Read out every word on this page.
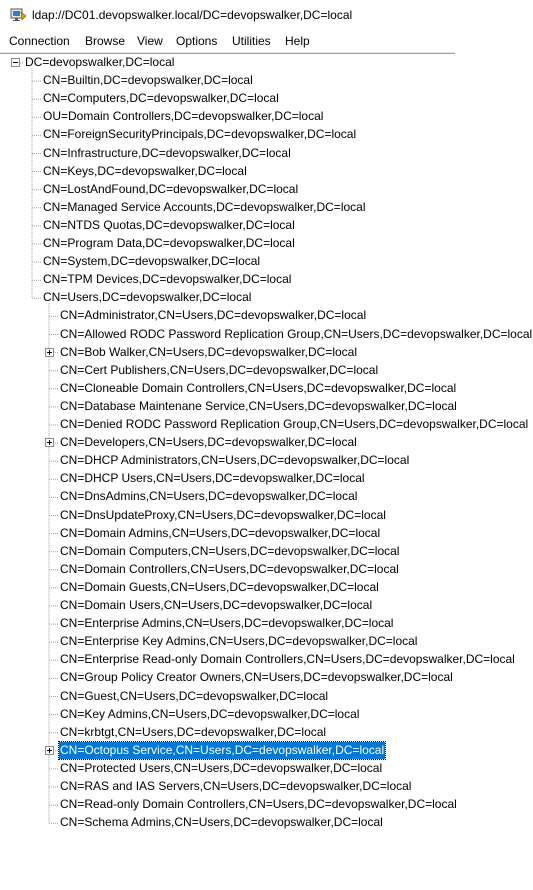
ldap://DC01.devopswalker.local/DC=devopswalker,DC=local
Connection Browse View Options Utilities Help
DC=devopswalker,DC=local
CN=Builtin,DC=devopswalker,DC=local
CN=Computers,DC=devopswalker,DC=local
OU=Domain Controllers,DC=devopswalker,DC=local
CN=ForeignSecurityPrincipals,DC=devopswalker,DC=local
CN=Infrastructure,DC=devopswalker,DC=local
CN=Keys,DC=devopswalker,DC=local
CN=LostAndFound,DC=devopswalker,DC=local
CN=Managed Service Accounts,DC=devopswalker,DC=local
CN=NTDS Quotas,DC=devopswalker,DC=local
CN=Program Data,DC=devopswalker,DC=local
CN=System,DC=devopswalker,DC=local
CN=TPM Devices,DC=devopswalker,DC=local
CN=Users,DC=devopswalker,DC=local
CN=Administrator,CN=Users,DC=devopswalker,DC=local
CN=Allowed RODC Password Replication Group,CN=Users,DC=devopswalker,DC=local
CN=Bob Walker,CN=Users,DC=devopswalker,DC=local
CN=Cert Publishers,CN=Users,DC=devopswalker,DC=local
CN=Cloneable Domain Controllers,CN=Users,DC=devopswalker,DC=local
CN=Database Maintenane Service,CN=Users,DC=devopswalker,DC=local
CN=Denied RODC Password Replication Group,CN=Users,DC=devopswalker,DC=local
CN=Developers,CN=Users,DC=devopswalker,DC=local
CN=DHCP Administrators,CN=Users,DC=devopswalker,DC=local
CN=DHCP Users,CN=Users,DC=devopswalker,DC=local
CN=DnsAdmins,CN=Users,DC=devopswalker,DC=local
CN=DnsUpdateProxy,CN=Users,DC=devopswalker,DC=local
CN=Domain Admins,CN=Users,DC=devopswalker,DC=local
CN=Domain Computers,CN=Users,DC=devopswalker,DC=local
CN=Domain Controllers,CN=Users,DC=devopswalker,DC=local
CN=Domain Guests,CN=Users,DC=devopswalker,DC=local
CN=Domain Users,CN=Users,DC=devopswalker,DC=local
CN=Enterprise Admins,CN=Users,DC=devopswalker,DC=local
CN=Enterprise Key Admins,CN=Users,DC=devopswalker,DC=local
CN=Enterprise Read-only Domain Controllers,CN=Users,DC=devopswalker,DC=local
CN=Group Policy Creator Owners,CN=Users,DC=devopswalker,DC=local
CN=Guest,CN=Users,DC=devopswalker,DC=local
CN=Key Admins,CN=Users,DC=devopswalker,DC=local
CN=krbtgt,CN=Users,DC=devopswalker,DC=local
CN=Octopus Service,CN=Users,DC=devopswalker,DC=local
CN=Protected Users,CN=Users,DC=devopswalker,DC=local
CN=RAS and IAS Servers,CN=Users,DC=devopswalker,DC=local
CN=Read-only Domain Controllers,CN=Users,DC=devopswalker,DC=local
CN=Schema Admins,CN=Users,DC=devopswalker,DC=local
